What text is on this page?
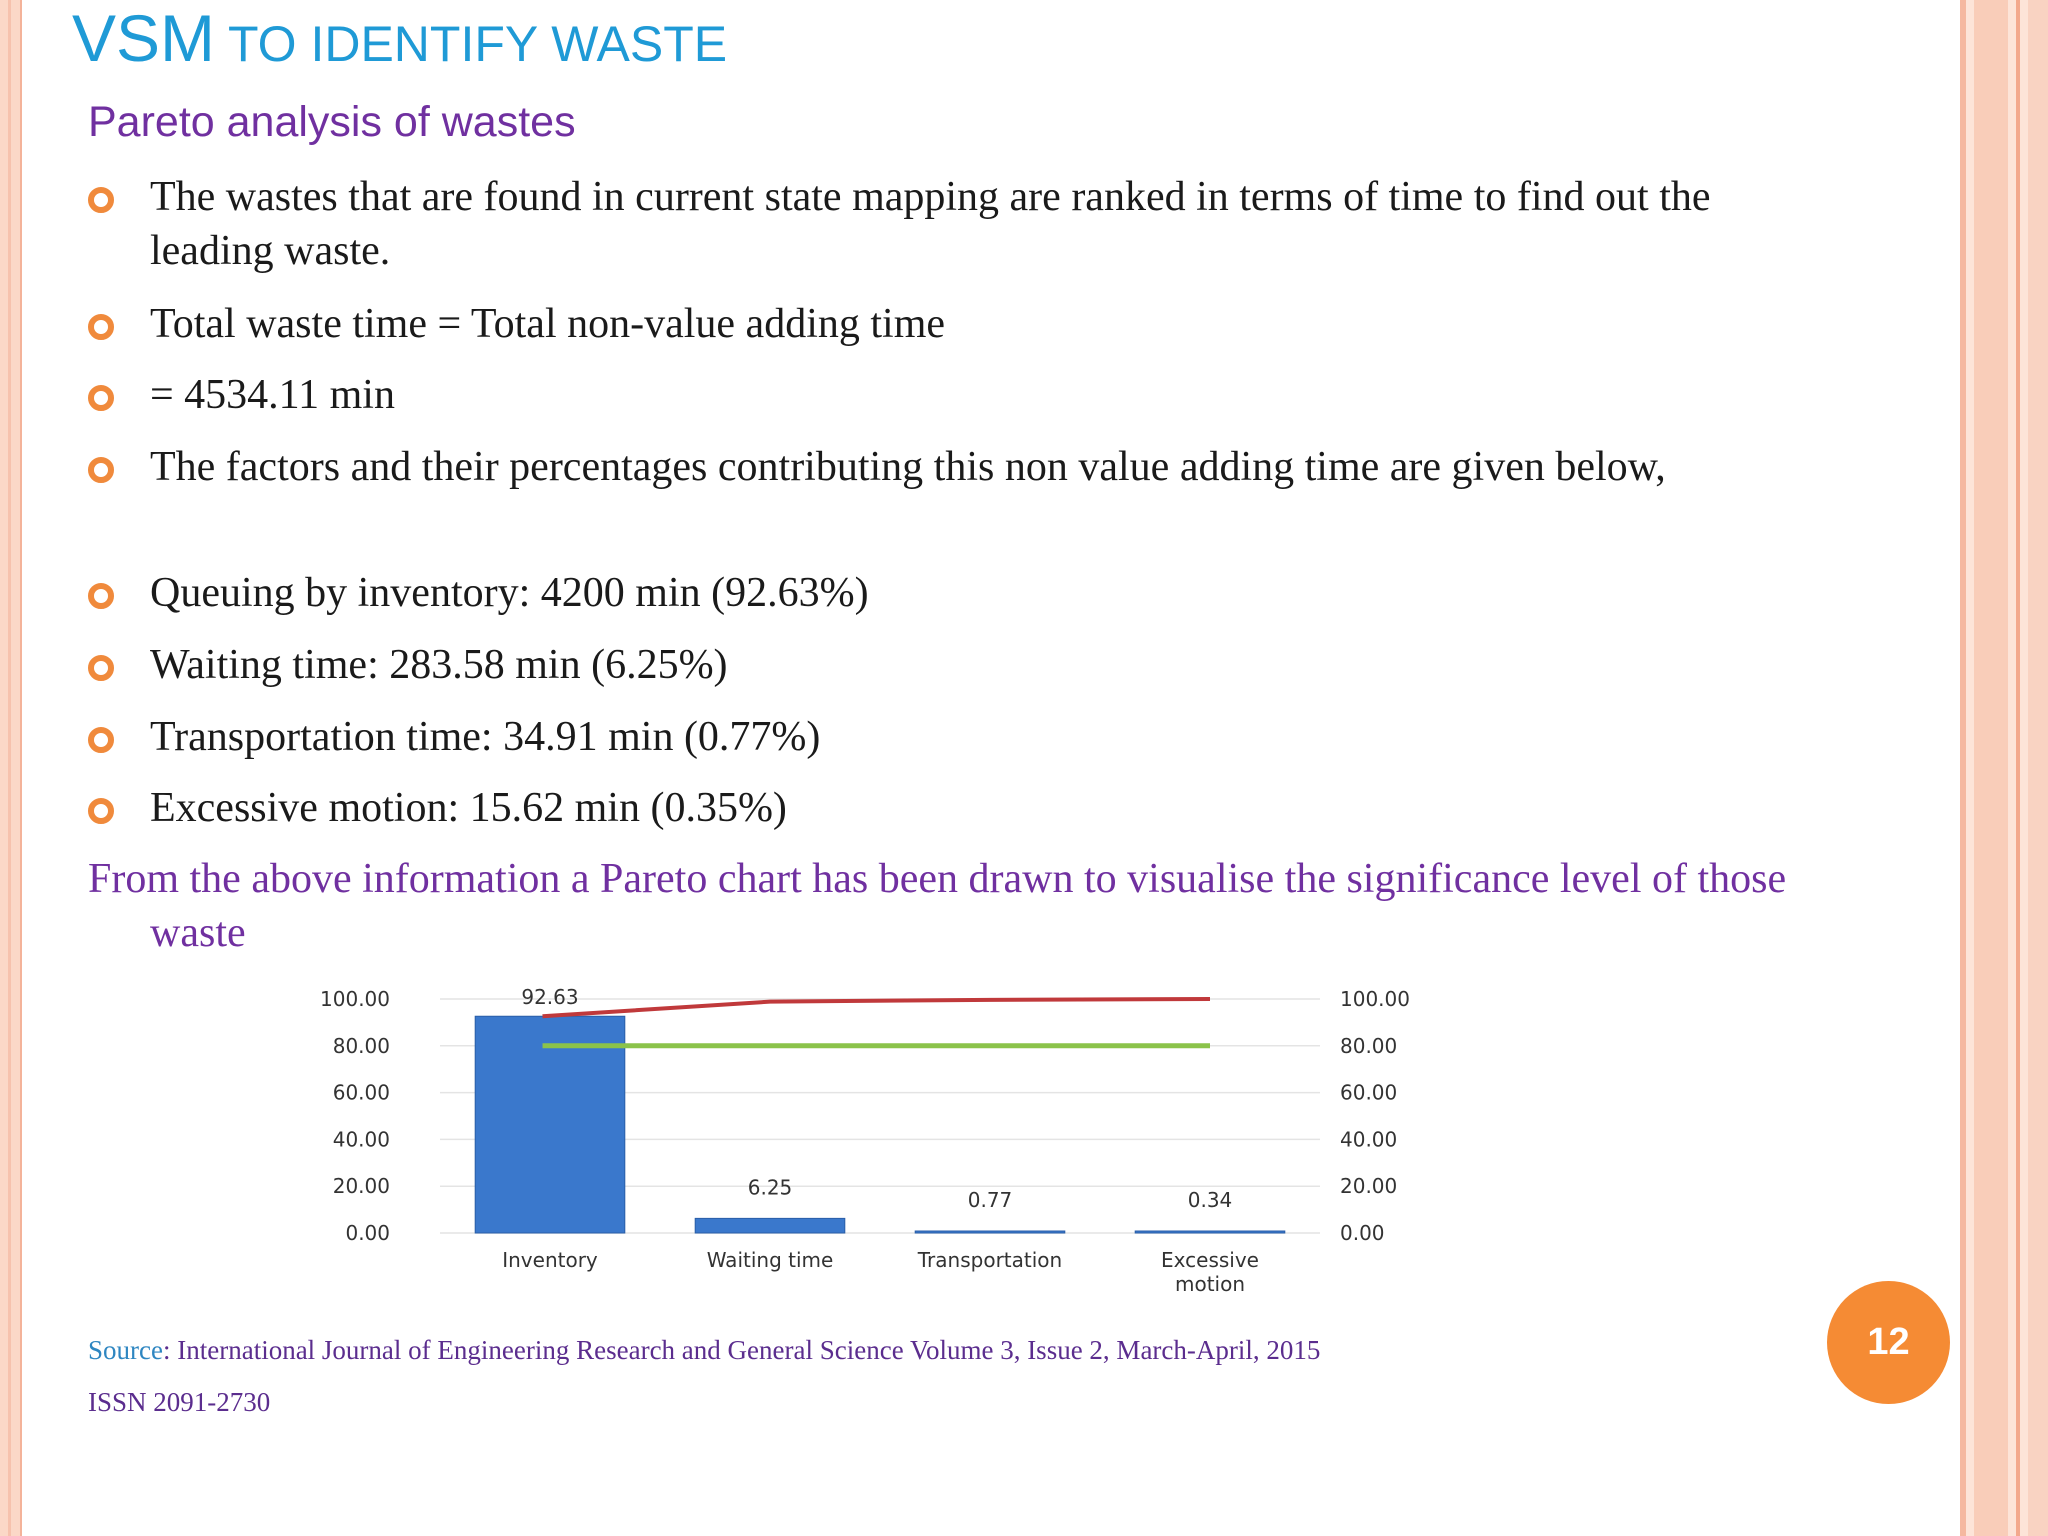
VSM TO IDENTIFY WASTE
Pareto analysis of wastes
The wastes that are found in current state mapping are ranked in terms of time to find out the leading waste.
Total waste time = Total non-value adding time
= 4534.11 min
The factors and their percentages contributing this non value adding time are given below,
Queuing by inventory: 4200 min (92.63%)
Waiting time: 283.58 min (6.25%)
Transportation time: 34.91 min (0.77%)
Excessive motion: 15.62 min (0.35%)
From the above information a Pareto chart has been drawn to visualise the significance level of those waste
0.00
20.00
40.00
60.00
80.00
100.00
0.00
20.00
40.00
60.00
80.00
100.00
92.63
6.25
0.77	0.34
Inventory	Waiting time	Transportation	Excessive
motion
Source: International Journal of Engineering Research and General Science Volume 3, Issue 2, March-April, 2015
ISSN 2091-2730
12
